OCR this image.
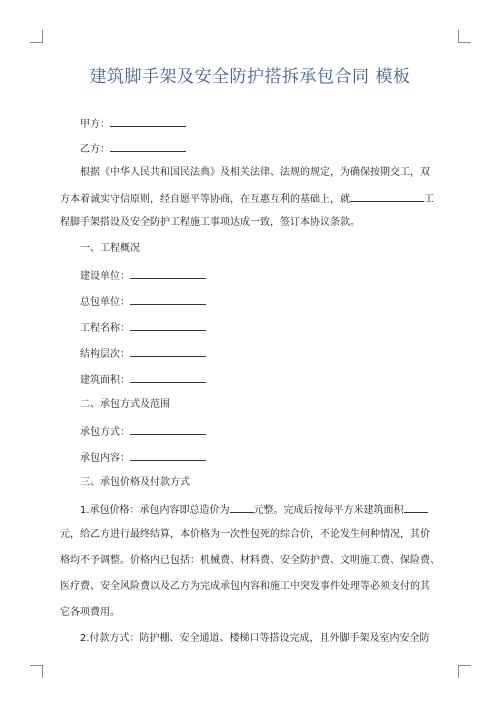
建筑脚手架及安全防护搭拆承包合同 模板
甲方：
乙方：
根据《中华人民共和国民法典》及相关法律、法规的规定，为确保按期交工，双
方本着诚实守信原则，经自愿平等协商，在互惠互利的基础上，就	工
程脚手架搭设及安全防护工程施工事项达成一致，签订本协议条款。
一、工程概况
建设单位：
总包单位：
工程名称：
结构层次：
建筑面积：
二、承包方式及范围
承包方式：
承包内容：
三、承包价格及付款方式
1.承包价格：承包内容即总造价为 元整。完成后按每平方米建筑面积
元，给乙方进行最终结算，本价格为一次性包死的综合价，不论发生何种情况，其价
格均不予调整。价格内已包括：机械费、材料费、安全防护费、文明施工费、保险费、
医疗费、安全风险费以及乙方为完成承包内容和施工中突发事件处理等必须支付的其
它各项费用。
2.付款方式：防护棚、安全通道、楼梯口等搭设完成，且外脚手架及室内安全防
